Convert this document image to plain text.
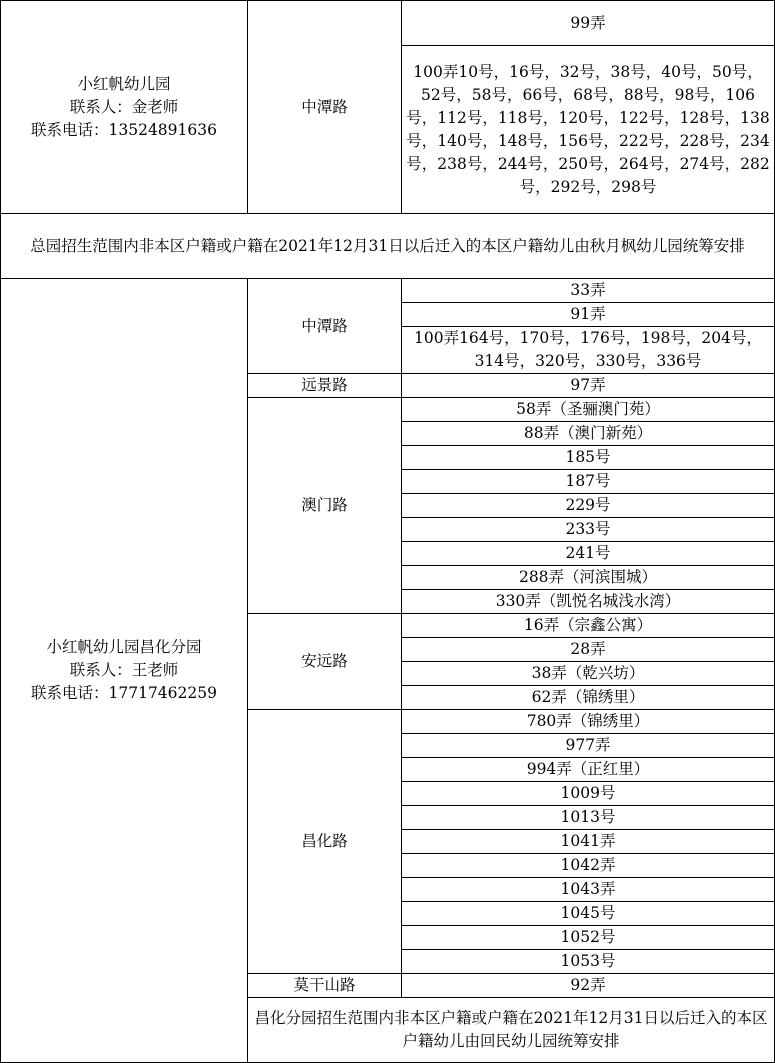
小红帆幼儿园
联系人：金老师
联系电话：13524891636	中潭路	99弄
		100弄10号，16号，32号，38号，40号，50号，52号，58号，66号，68号，88号，98号，106号，112号，118号，120号，122号，128号，138号，140号，148号，156号，222号，228号，234号，238号，244号，250号，264号，274号，282号，292号，298号
总园招生范围内非本区户籍或户籍在2021年12月31日以后迁入的本区户籍幼儿由秋月枫幼儿园统筹安排		

小红帆幼儿园昌化分园
联系人：王老师
联系电话：17717462259	中潭路	33弄
		91弄
		100弄164号，170号，176号，198号，204号，314号，320号，330号，336号
	远景路	97弄
	澳门路	58弄（圣骊澳门苑）
		88弄（澳门新苑）
		185号
		187号
		229号
		233号
		241号
		288弄（河滨围城）
		330弄（凯悦名城浅水湾）
	安远路	16弄（宗鑫公寓）
		28弄
		38弄（乾兴坊）
		62弄（锦绣里）
	昌化路	780弄（锦绣里）
		977弄
		994弄（正红里）
		1009号
		1013号
		1041弄
		1042弄
		1043弄
		1045号
		1052号
		1053号
	莫干山路	92弄
	昌化分园招生范围内非本区户籍或户籍在2021年12月31日以后迁入的本区户籍幼儿由回民幼儿园统筹安排	
